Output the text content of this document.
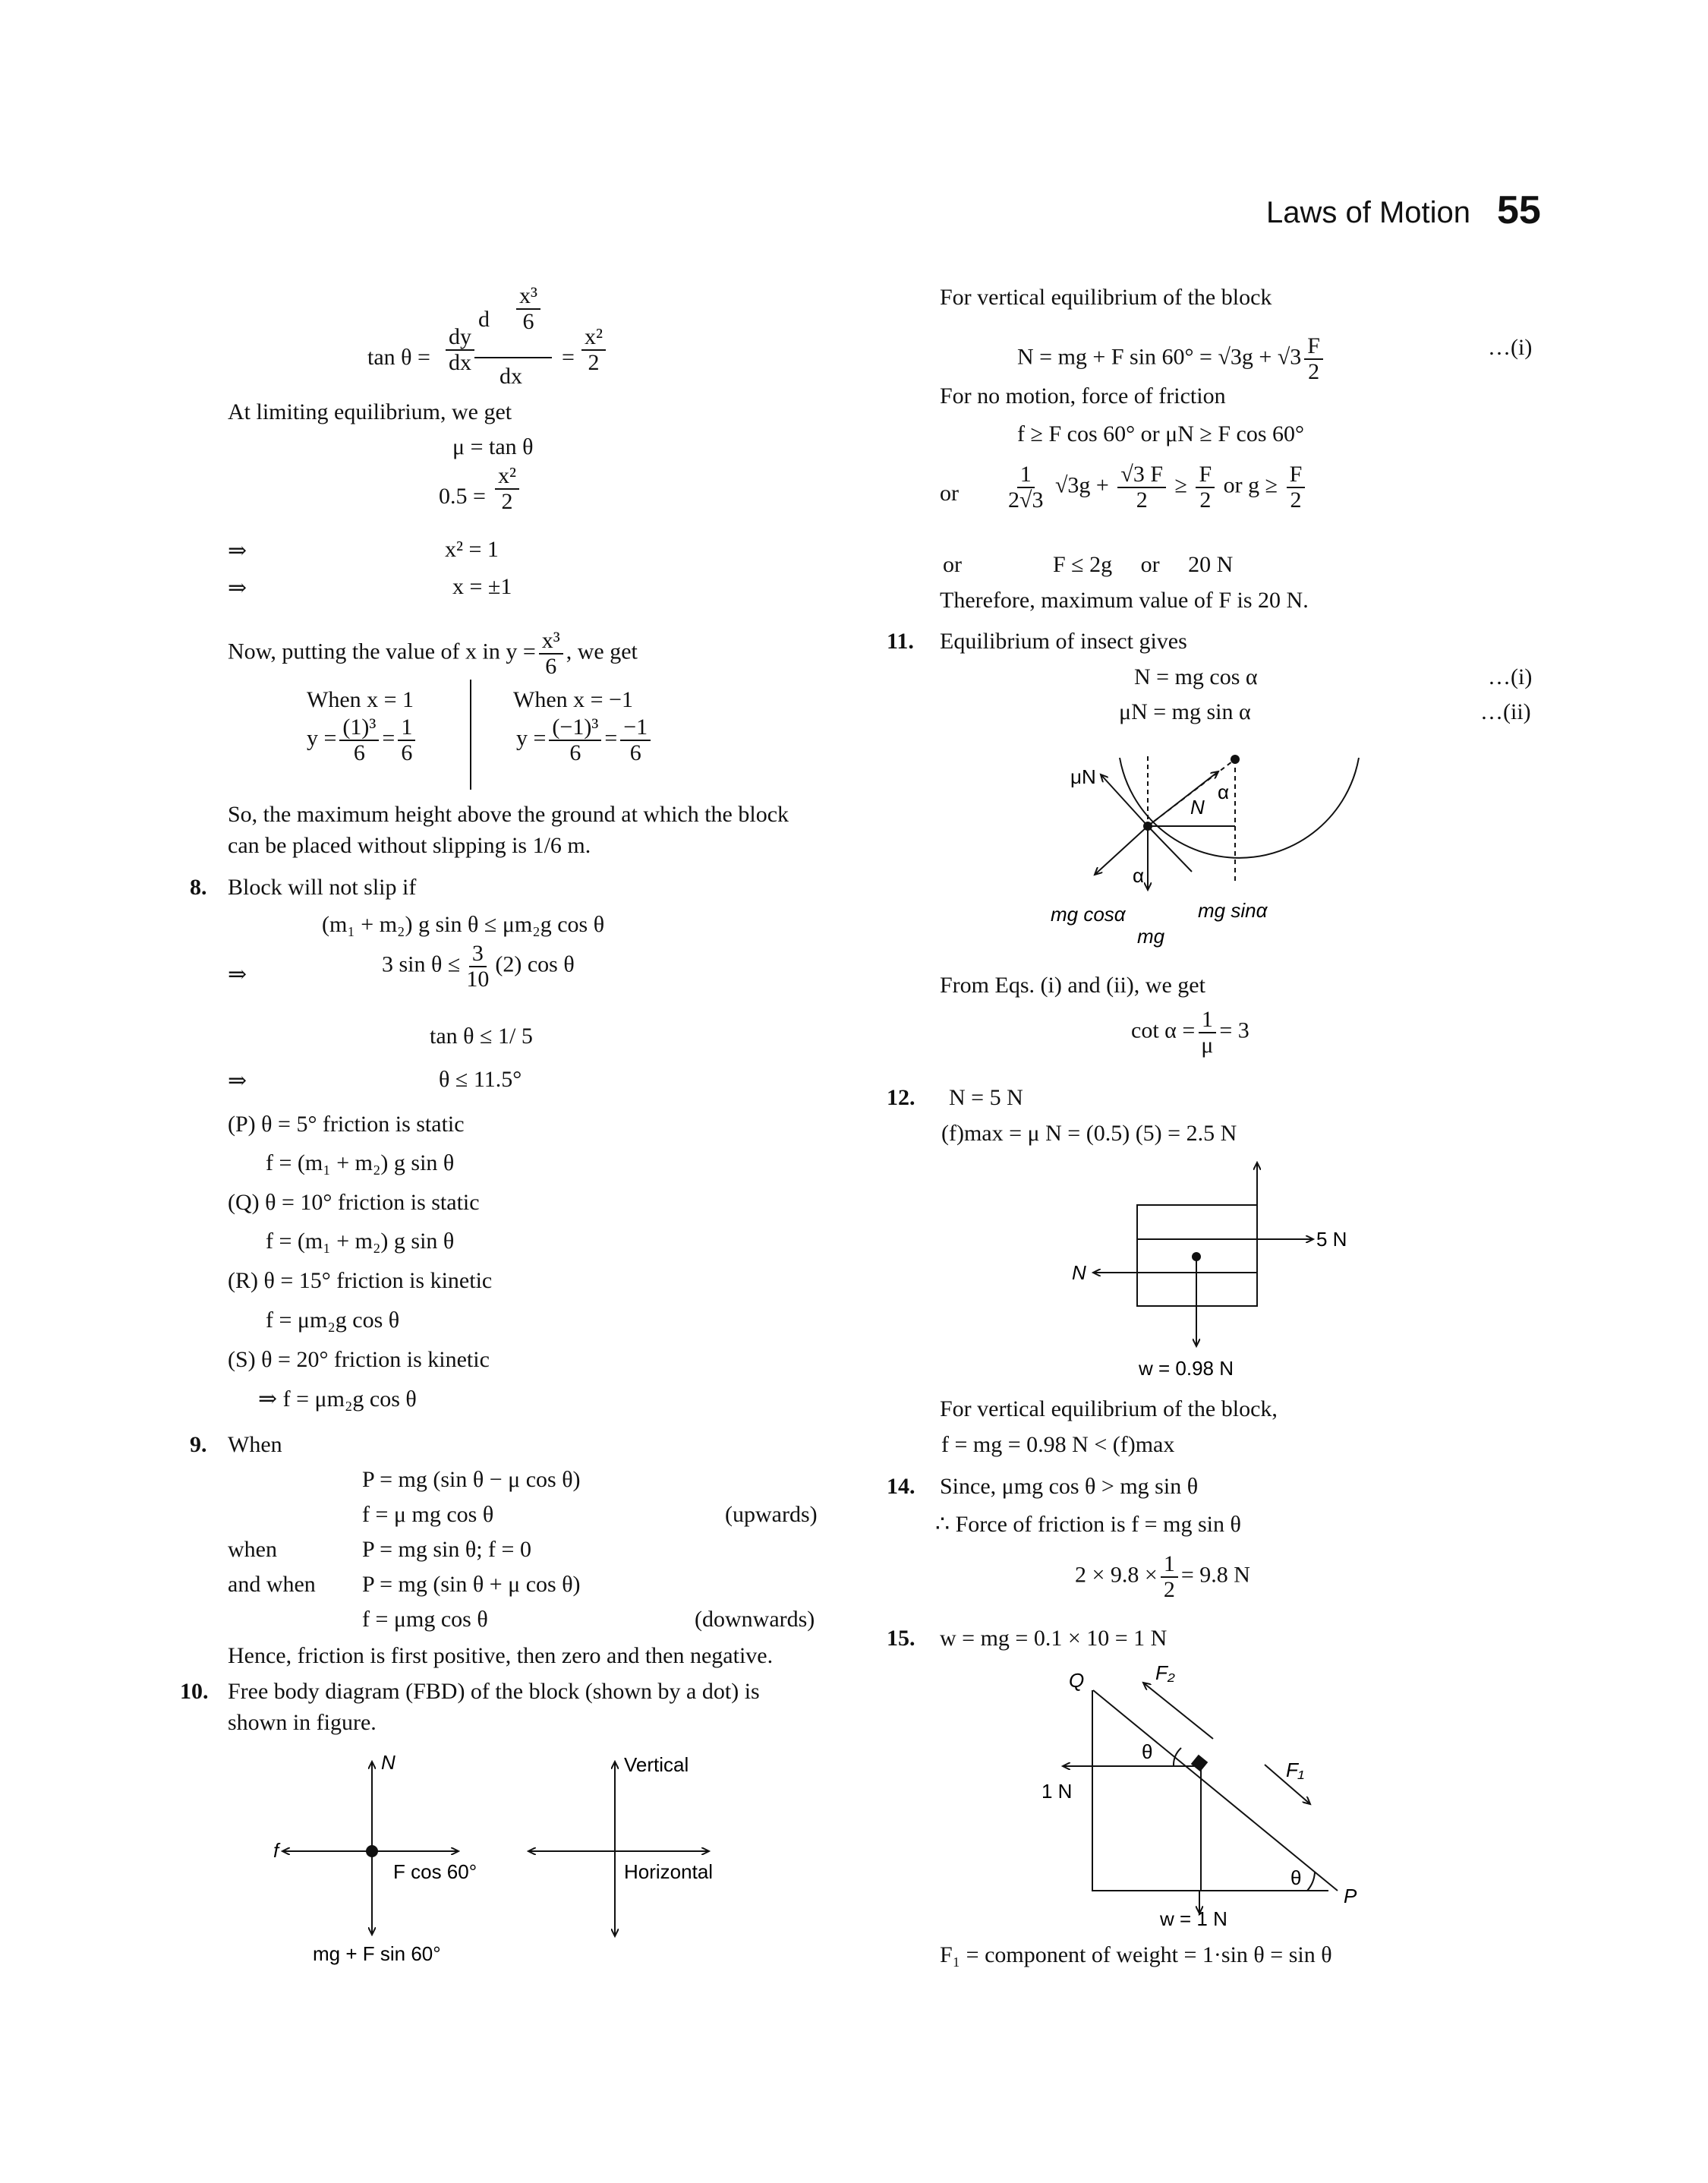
Laws of Motion 55
$\tan \theta = \frac{dy}{dx}$
d $\frac{\text{x³}}{6}$
dx
= $\frac{\text{x²}}{2}$
At limiting equilibrium, we get
μ = tan θ
$0.5 = \frac{\text{x²}}{2}$
⇒	x² = 1
⇒	x = ±1
Now, putting the value of x in $y = \frac{\text{x³}}{6}$ , we get
When x = 1	When x = −1
$y = \frac{\text{(1)³}}{6} = \frac{1}{6}$	$y = \frac{\text{(−1)³}}{6} = \frac{-1}{6}$
So, the maximum height above the ground at which the block
can be placed without slipping is 1/6 m.
8. Block will not slip if
(m₁ + m₂) g sin θ ≤ μm₂g cos θ
⇒	3 $\sin \theta \le \frac{3}{10} (2)$ cos θ
tan θ ≤ 1/ 5
⇒	θ ≤ 11.5°
(P) θ = 5° friction is static
f = (m₁ + m₂) g sin θ
(Q) θ = 10° friction is static
f = (m₁ + m₂) g sin θ
(R) θ = 15° friction is kinetic
f = μm₂g cos θ
(S) θ = 20° friction is kinetic
⇒ f = μm₂g cos θ
9. When
P = mg (sin θ − μ cos θ)
f = μ mg cos θ	(upwards)
when	P = mg sin θ; f = 0
and when P = mg (sin θ + μ cos θ)
f = μmg cos θ	(downwards)
Hence, friction is first positive, then zero and then negative.
10. Free body diagram (FBD) of the block (shown by a dot) is
shown in figure.
N
f
F cos 60°
mg + F sin 60°
Vertical
Horizontal
For vertical equilibrium of the block
N = mg + F $\sin 60^\circ = √3g + √3 \frac{F}{2}$	…(i)
For no motion, force of friction
f ≥ F cos 60° or μN ≥ F cos 60°
or $\frac{1}{2√3} √3g + \frac{√3 F}{2} \ge \frac{F}{2}$ or $g \ge \frac{F}{2}$
or                F ≤ 2g     or     20 N
Therefore, maximum value of F is 20 N.
11. Equilibrium of insect gives
N = mg cos α	…(i)
μN = mg sin α	…(ii)
μN
α
N
α
mg cosα	mg sinα
mg
From Eqs. (i) and (ii), we get
$\cot \alpha = \frac{1}{\mu} = 3$
12. N = 5 N
(f)max = μ N = (0.5) (5) = 2.5 N
5 N
N
w = 0.98 N
For vertical equilibrium of the block,
f = mg = 0.98 N < (f)max
14. Since, μmg cos θ > mg sin θ
∴ Force of friction is f = mg sin θ
$2 \times 9.8 \times \frac{1}{2} = 9.8$ N
15. w = mg = 0.1 × 10 = 1 N
Q	F₂
θ
F₁
1 N
θ
P
w = 1 N
F₁ = component of weight = 1·sin θ = sin θ
